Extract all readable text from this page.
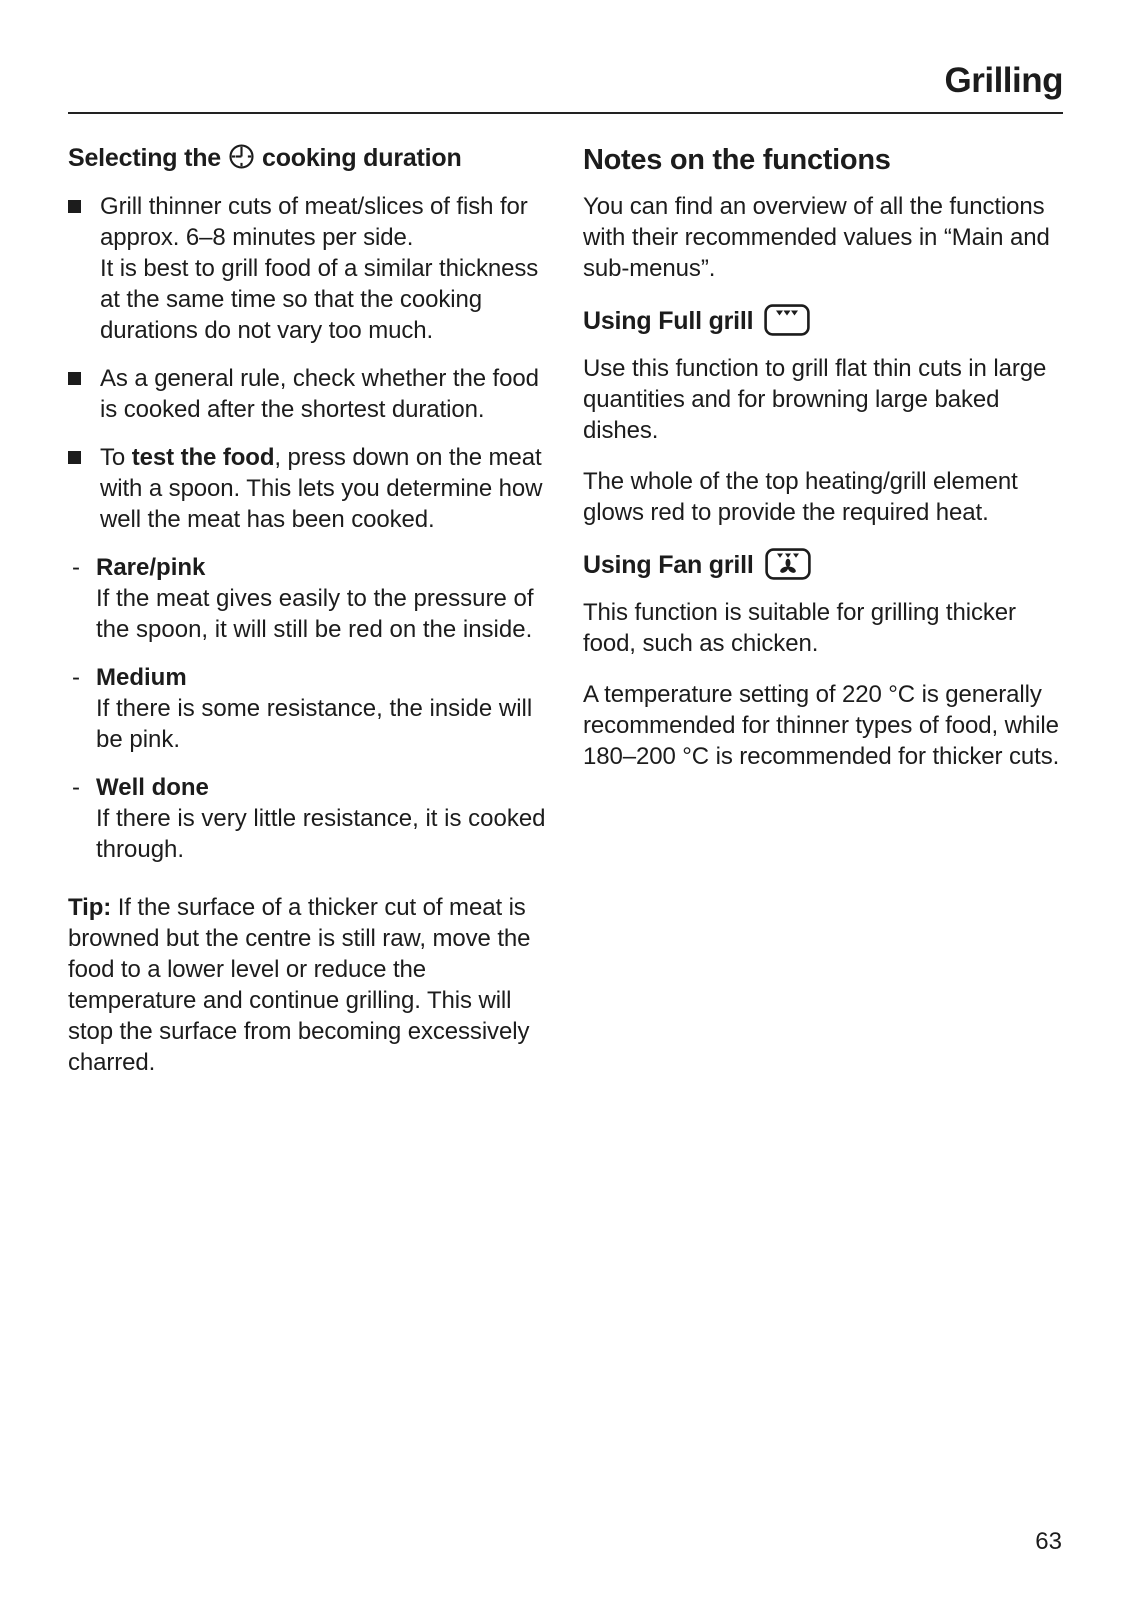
Grilling
Selecting the cooking duration

Grill thinner cuts of meat/slices of fish for approx. 6–8 minutes per side.

It is best to grill food of a similar thickness at the same time so that the cooking durations do not vary too much.

As a general rule, check whether the food is cooked after the shortest duration.

To test the food, press down on the meat with a spoon. This lets you determine how well the meat has been cooked.

- Rare/pink
If the meat gives easily to the pressure of the spoon, it will still be red on the inside.
- Medium
If there is some resistance, the inside will be pink.
- Well done
If there is very little resistance, it is cooked through.

Tip: If the surface of a thicker cut of meat is browned but the centre is still raw, move the food to a lower level or reduce the temperature and continue grilling. This will stop the surface from becoming excessively charred.

Notes on the functions

You can find an overview of all the functions with their recommended values in “Main and sub-menus”.

Using Full grill

Use this function to grill flat thin cuts in large quantities and for browning large baked dishes.

The whole of the top heating/grill element glows red to provide the required heat.

Using Fan grill

This function is suitable for grilling thicker food, such as chicken.

A temperature setting of 220 °C is generally recommended for thinner types of food, while 180–200 °C is recommended for thicker cuts.

63
